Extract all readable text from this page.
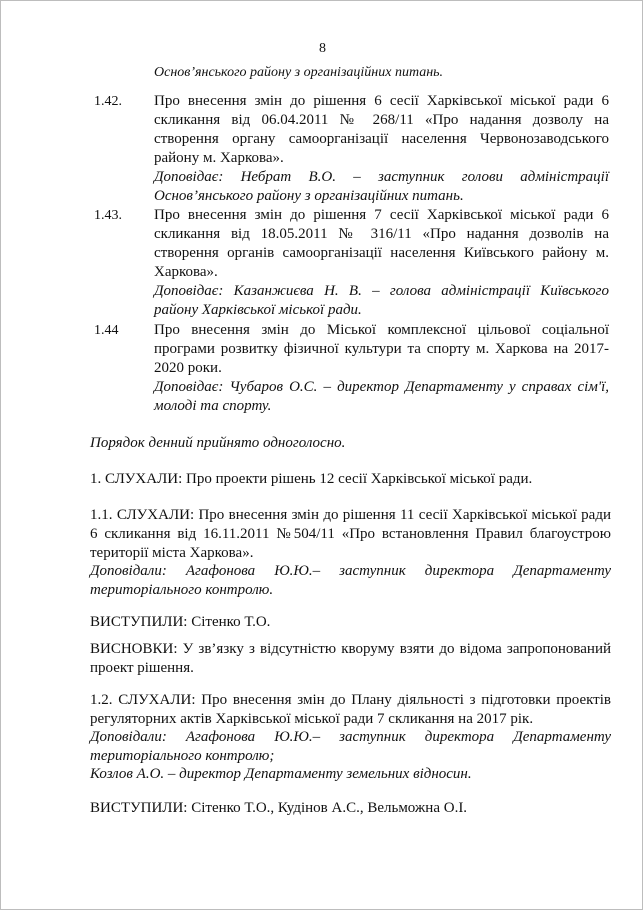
8
Основ’янського району з організаційних питань.
1.42. Про внесення змін до рішення 6 сесії Харківської міської ради 6 скликання від 06.04.2011 № 268/11 «Про надання дозволу на створення органу самоорганізації населення Червонозаводського району м. Харкова».
Доповідає: Небрат В.О. – заступник голови адміністрації Основ’янського району з організаційних питань.
1.43. Про внесення змін до рішення 7 сесії Харківської міської ради 6 скликання від 18.05.2011 № 316/11 «Про надання дозволів на створення органів самоорганізації населення Київського району м. Харкова».
Доповідає: Казанжиєва Н. В. – голова адміністрації Київського району Харківської міської ради.
1.44 Про внесення змін до Міської комплексної цільової соціальної програми розвитку фізичної культури та спорту м. Харкова на 2017-2020 роки.
Доповідає: Чубаров О.С. – директор Департаменту у справах сім'ї, молоді та спорту.
Порядок денний прийнято одноголосно.
1. СЛУХАЛИ: Про проекти рішень 12 сесії Харківської міської ради.
1.1. СЛУХАЛИ: Про внесення змін до рішення 11 сесії Харківської міської ради 6 скликання від 16.11.2011 №504/11 «Про встановлення Правил благоустрою території міста Харкова».
Доповідали: Агафонова Ю.Ю.– заступник директора Департаменту територіального контролю.
ВИСТУПИЛИ: Сітенко Т.О.
ВИСНОВКИ: У зв’язку з відсутністю кворуму взяти до відома запропонований проект рішення.
1.2. СЛУХАЛИ: Про внесення змін до Плану діяльності з підготовки проектів регуляторних актів Харківської міської ради 7 скликання на 2017 рік.
Доповідали: Агафонова Ю.Ю.– заступник директора Департаменту територіального контролю;
Козлов А.О. – директор Департаменту земельних відносин.
ВИСТУПИЛИ: Сітенко Т.О., Кудінов А.С., Вельможна О.І.
